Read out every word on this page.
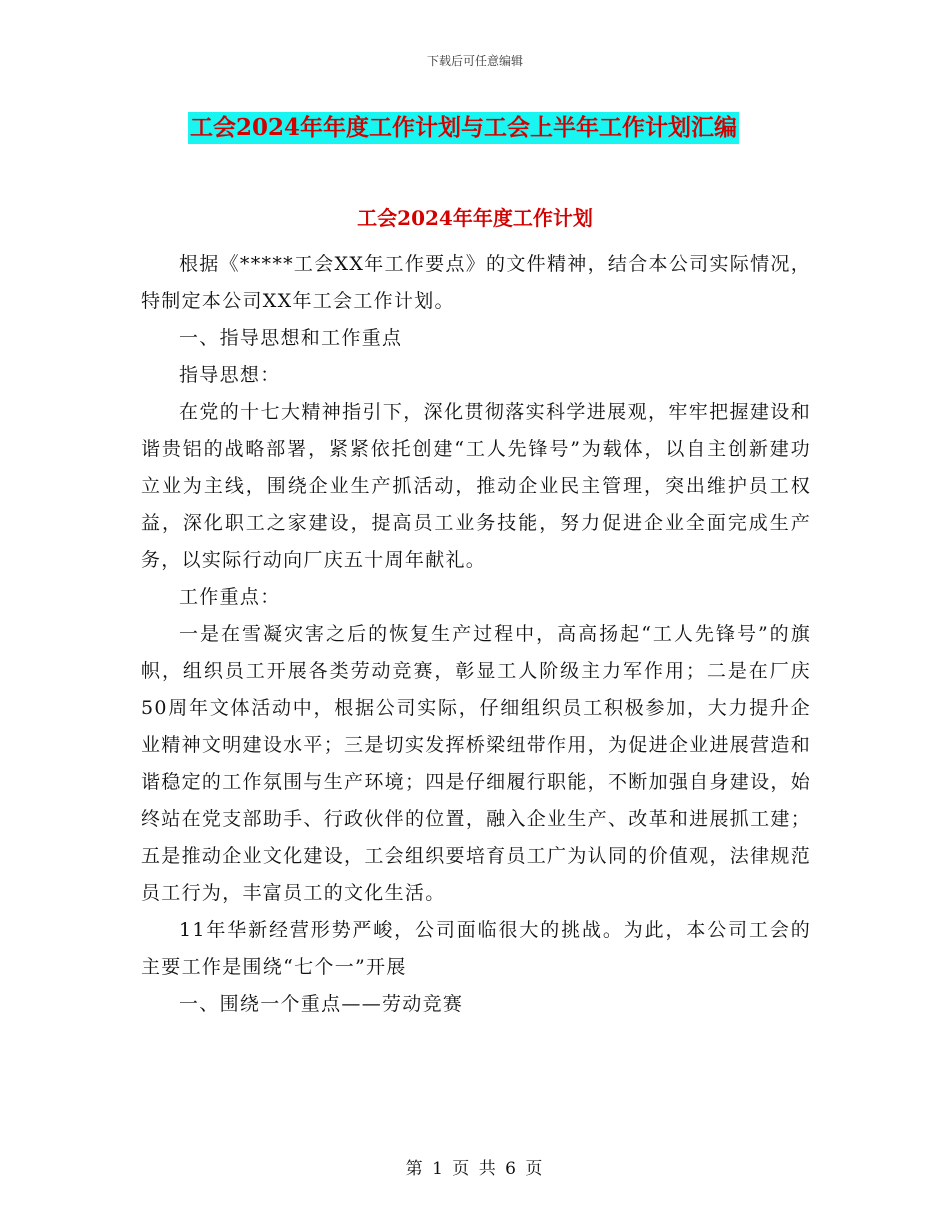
下载后可任意编辑
工会2024年年度工作计划与工会上半年工作计划汇编
工会2024年年度工作计划

根据《*****工会XX年工作要点》的文件精神，结合本公司实际情况，特制定本公司XX年工会工作计划。

一、指导思想和工作重点

指导思想：

在党的十七大精神指引下，深化贯彻落实科学进展观，牢牢把握建设和谐贵铝的战略部署，紧紧依托创建“工人先锋号”为载体，以自主创新建功立业为主线，围绕企业生产抓活动，推动企业民主管理，突出维护员工权益，深化职工之家建设，提高员工业务技能，努力促进企业全面完成生产务，以实际行动向厂庆五十周年献礼。

工作重点：

一是在雪凝灾害之后的恢复生产过程中，高高扬起“工人先锋号”的旗帜，组织员工开展各类劳动竞赛，彰显工人阶级主力军作用；二是在厂庆50周年文体活动中，根据公司实际，仔细组织员工积极参加，大力提升企业精神文明建设水平；三是切实发挥桥梁纽带作用，为促进企业进展营造和谐稳定的工作氛围与生产环境；四是仔细履行职能，不断加强自身建设，始终站在党支部助手、行政伙伴的位置，融入企业生产、改革和进展抓工建；五是推动企业文化建设，工会组织要培育员工广为认同的价值观，法律规范员工行为，丰富员工的文化生活。

11年华新经营形势严峻，公司面临很大的挑战。为此，本公司工会的主要工作是围绕“七个一”开展

一、围绕一个重点——劳动竞赛

第 1 页 共 6 页
